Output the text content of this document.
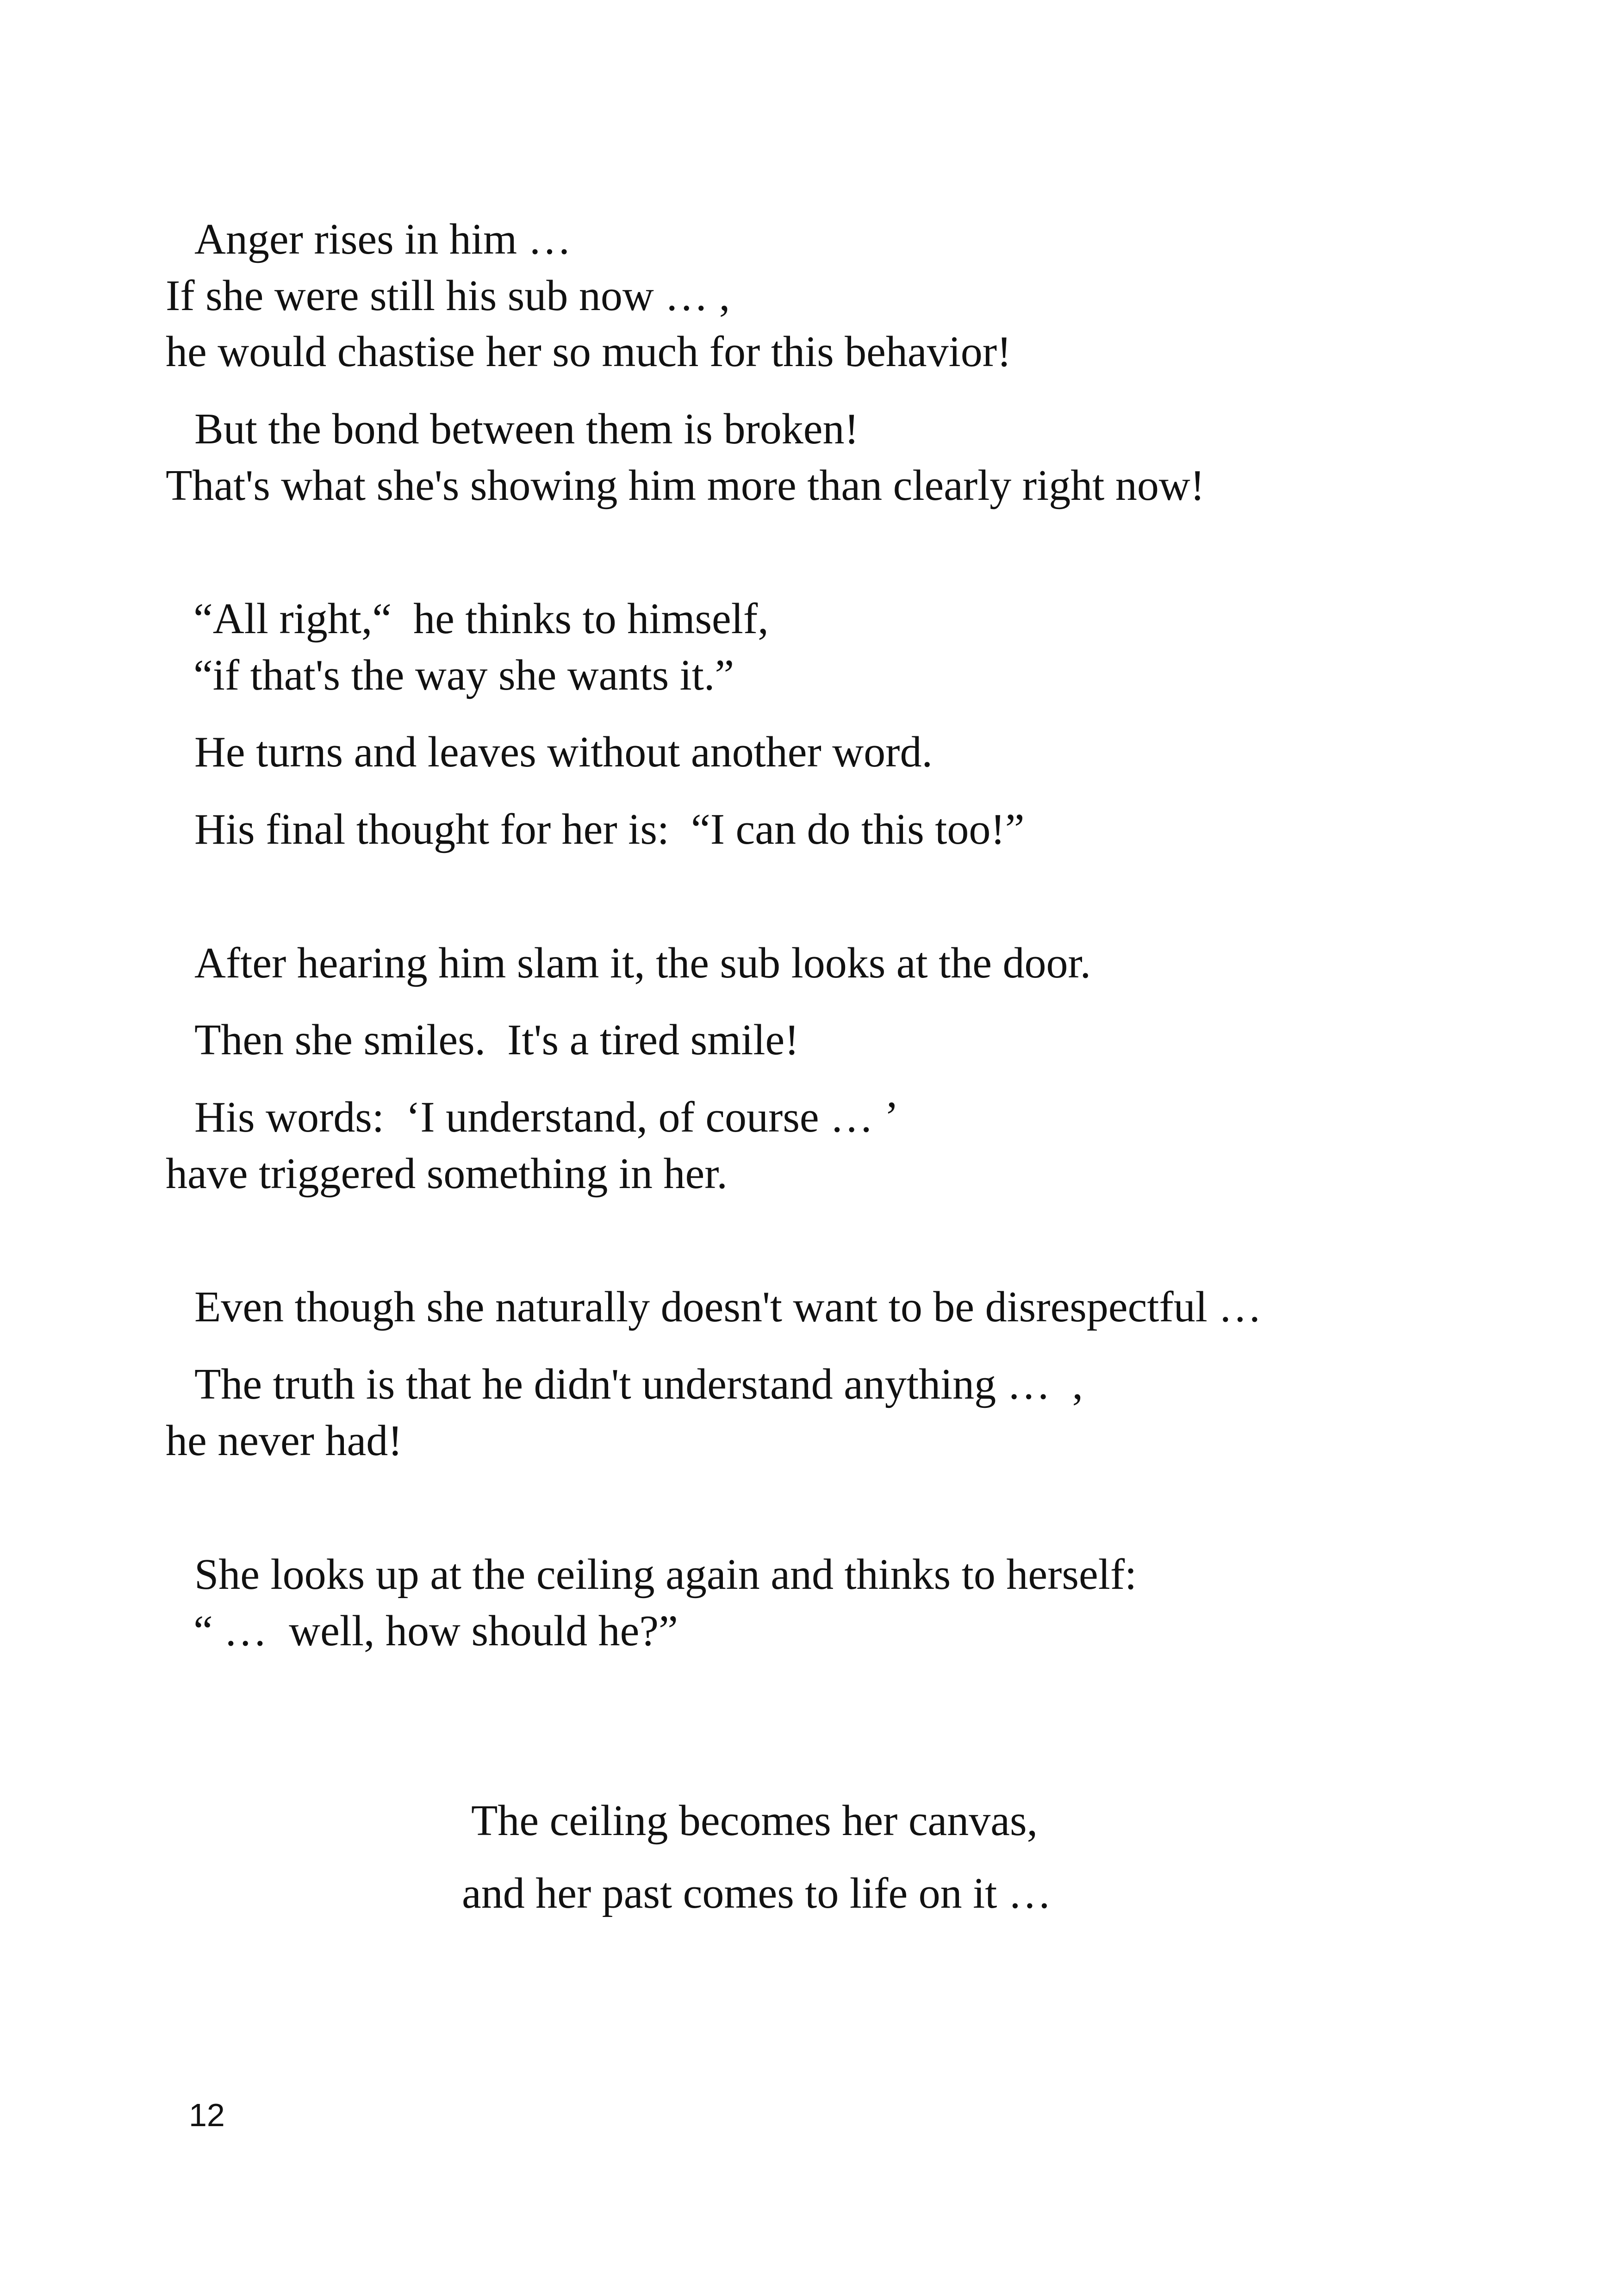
Anger rises in him …

If she were still his sub now … ,

he would chastise her so much for this behavior!

But the bond between them is broken!

That's what she's showing him more than clearly right now!

“All right,“  he thinks to himself,

“if that's the way she wants it.”

He turns and leaves without another word.

His final thought for her is:  “I can do this too!”

After hearing him slam it, the sub looks at the door.

Then she smiles.  It's a tired smile!

His words:  ‘I understand, of course … ’

have triggered something in her.

Even though she naturally doesn't want to be disrespectful …

The truth is that he didn't understand anything …  ,

he never had!

She looks up at the ceiling again and thinks to herself:

“ …  well, how should he?”

The ceiling becomes her canvas,

and her past comes to life on it …

12
